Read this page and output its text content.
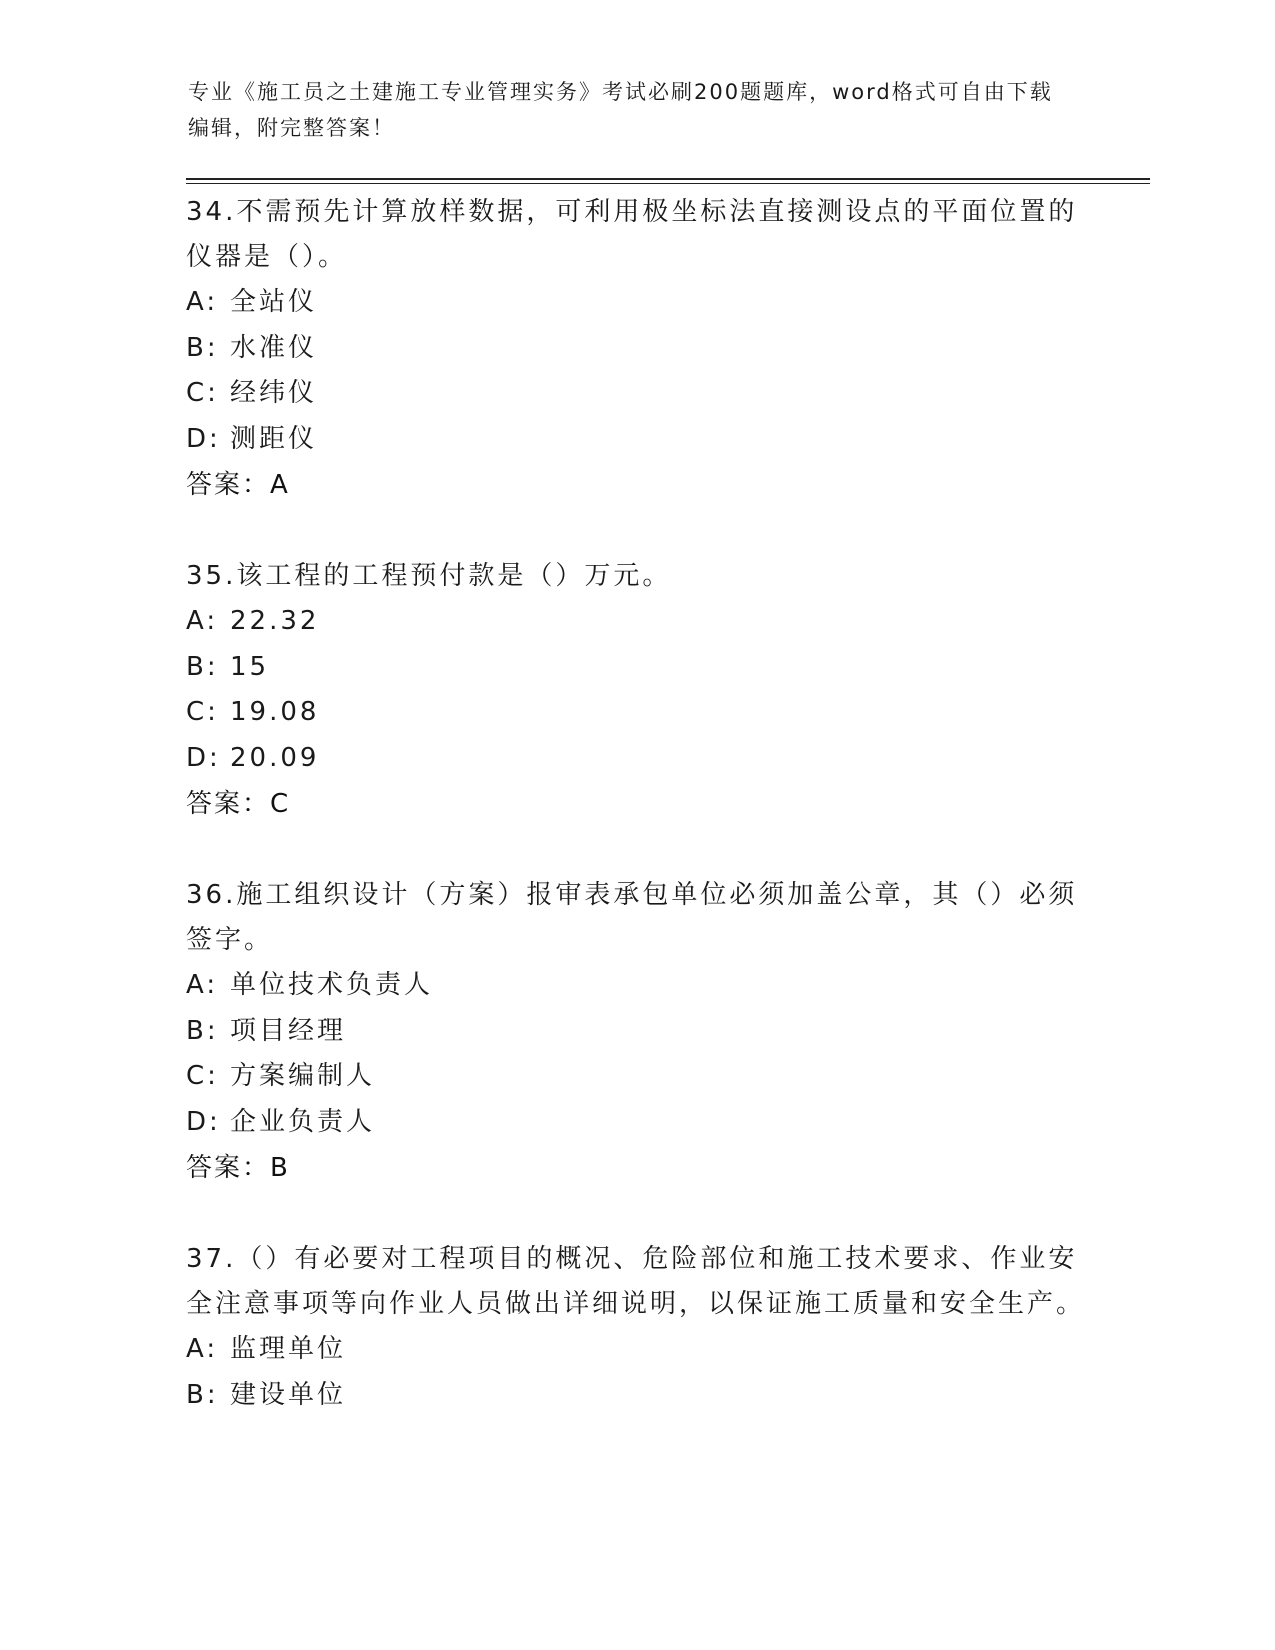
专业《施工员之土建施工专业管理实务》考试必刷200题题库，word格式可自由下载编辑，附完整答案！
34.不需预先计算放样数据，可利用极坐标法直接测设点的平面位置的仪器是（）。
A: 全站仪
B: 水准仪
C: 经纬仪
D: 测距仪
答案：A
35.该工程的工程预付款是（）万元。
A: 22.32
B: 15
C: 19.08
D: 20.09
答案：C
36.施工组织设计（方案）报审表承包单位必须加盖公章，其（）必须签字。
A: 单位技术负责人
B: 项目经理
C: 方案编制人
D: 企业负责人
答案：B
37.（）有必要对工程项目的概况、危险部位和施工技术要求、作业安全注意事项等向作业人员做出详细说明，以保证施工质量和安全生产。
A: 监理单位
B: 建设单位
